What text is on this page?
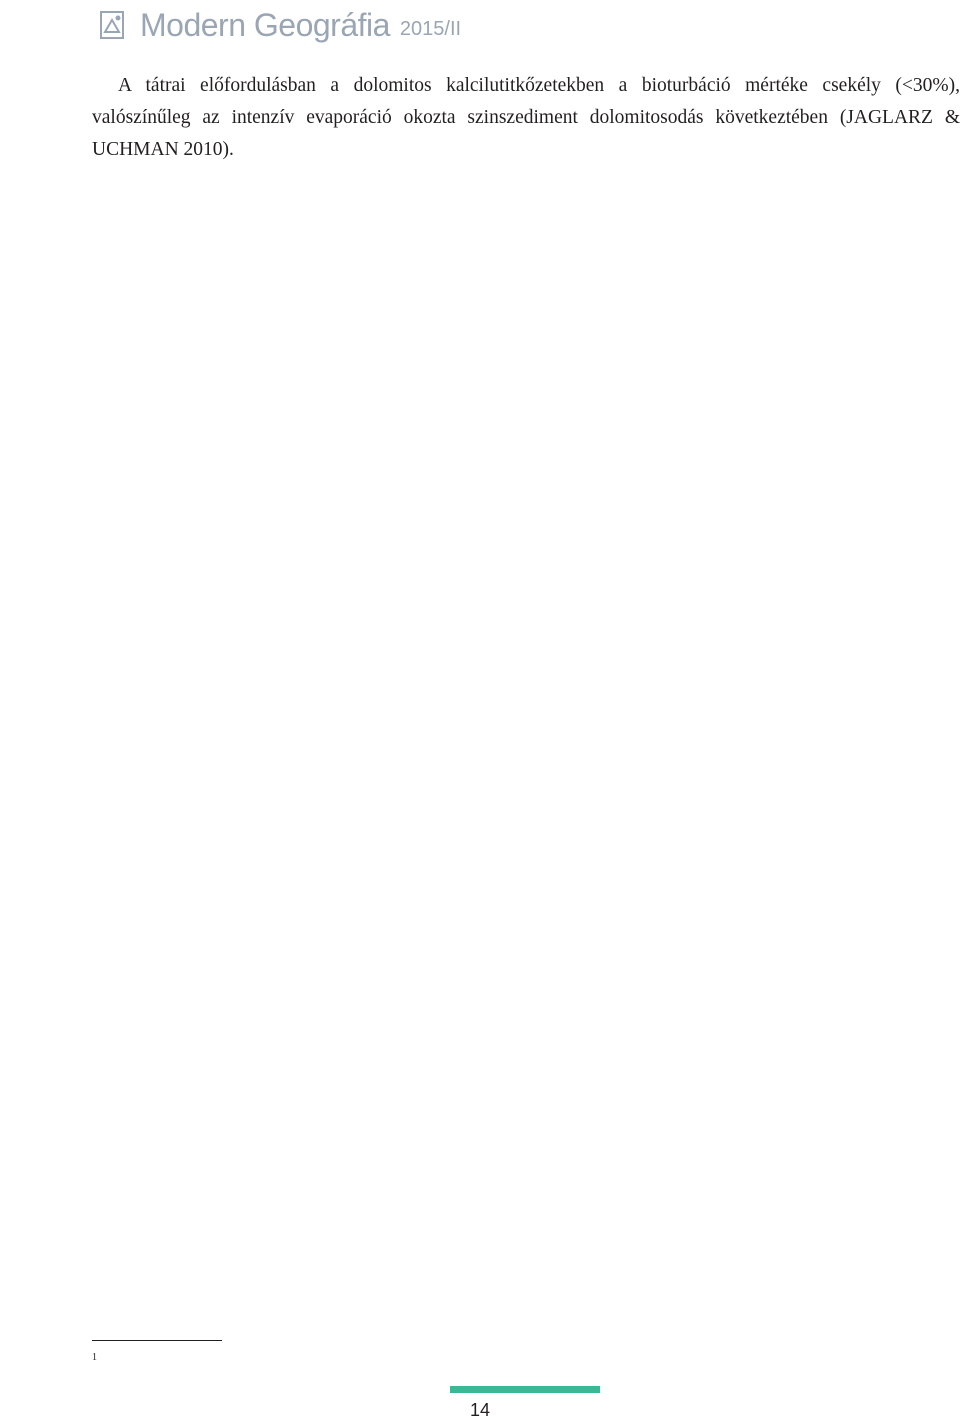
Modern Geográfia 2015/II

A tátrai előfordulásban a dolomitos kalcilutitkőzetekben a bioturbáció mértéke csekély (<30%), valószínűleg az intenzív evaporáció okozta szinszediment dolomitosodás következtében (JAGLARZ & UCHMAN 2010).

$^1$
14
